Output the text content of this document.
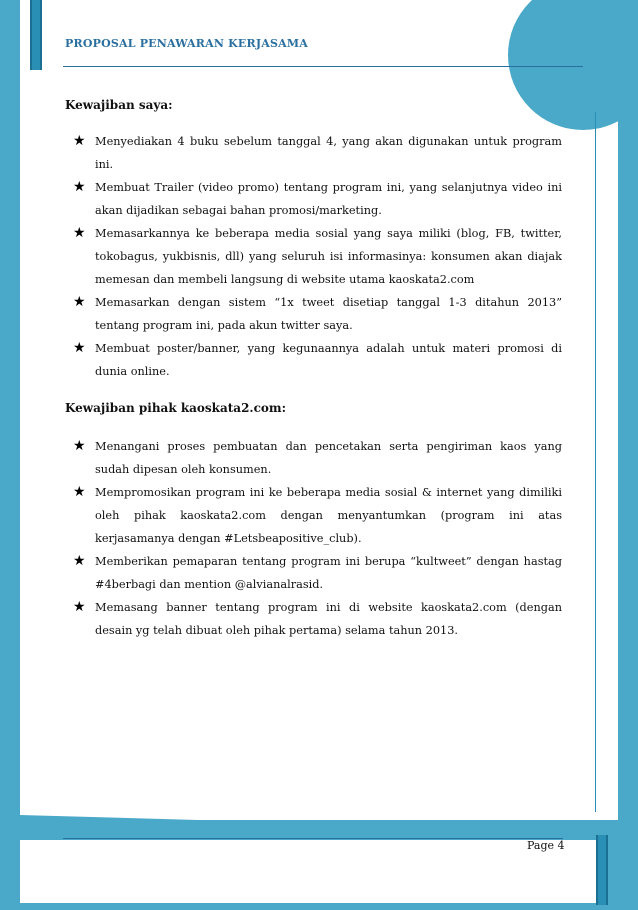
PROPOSAL PENAWARAN KERJASAMA
Kewajiban saya:
★ Menyediakan 4 buku sebelum tanggal 4, yang akan digunakan untuk program ini.
★ Membuat Trailer (video promo) tentang program ini, yang selanjutnya video ini akan dijadikan sebagai bahan promosi/marketing.
★ Memasarkannya ke beberapa media sosial yang saya miliki (blog, FB, twitter, tokobagus, yukbisnis, dll) yang seluruh isi informasinya: konsumen akan diajak memesan dan membeli langsung di website utama kaoskata2.com
★ Memasarkan dengan sistem “1x tweet disetiap tanggal 1-3 ditahun 2013” tentang program ini, pada akun twitter saya.
★ Membuat poster/banner, yang kegunaannya adalah untuk materi promosi di dunia online.
Kewajiban pihak kaoskata2.com:
★ Menangani proses pembuatan dan pencetakan serta pengiriman kaos yang sudah dipesan oleh konsumen.
★ Mempromosikan program ini ke beberapa media sosial & internet yang dimiliki oleh pihak kaoskata2.com dengan menyantumkan (program ini atas kerjasamanya dengan #Letsbeapositive_club).
★ Memberikan pemaparan tentang program ini berupa “kultweet” dengan hastag #4berbagi dan mention @alvianalrasid.
★ Memasang banner tentang program ini di website kaoskata2.com (dengan desain yg telah dibuat oleh pihak pertama) selama tahun 2013.
Page 4
